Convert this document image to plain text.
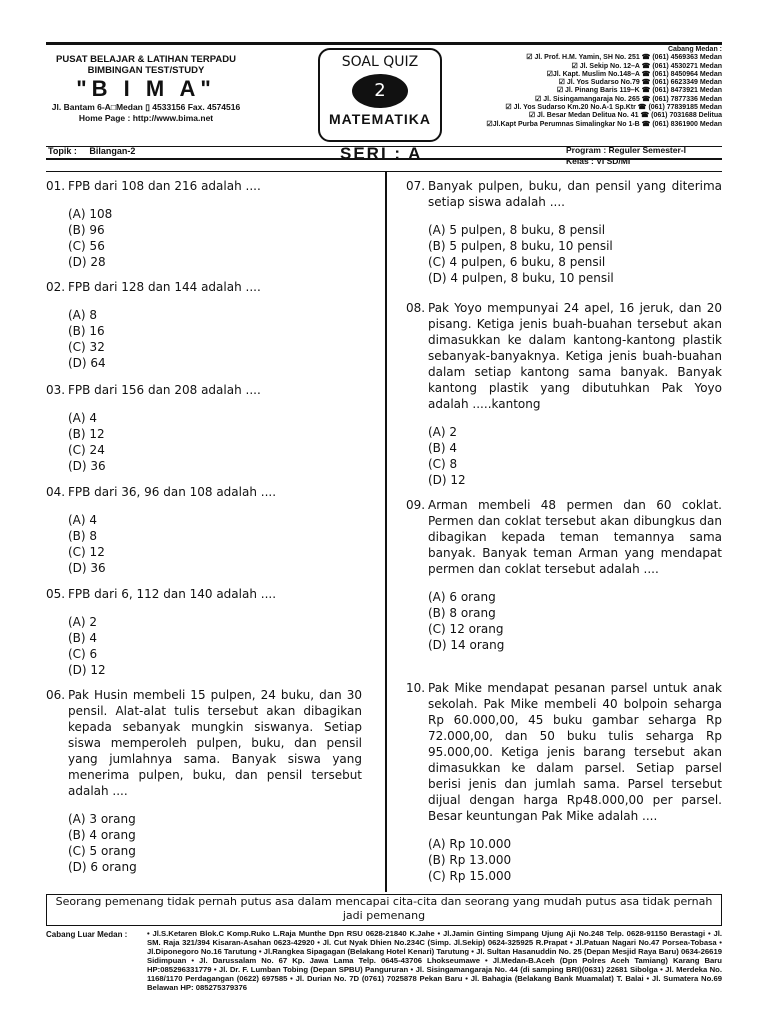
PUSAT BELAJAR & LATIHAN TERPADU
BIMBINGAN TEST/STUDY
"B I M A"
Jl. Bantam 6-A□Medan ▯ 4533156 Fax. 4574516
Home Page : http://www.bima.net
SOAL QUIZ
2
MATEMATIKA
Cabang Medan :
☑ Jl. Prof. H.M. Yamin, SH No. 251 ☎ (061) 4569363 Medan
☑ Jl. Sekip No. 12–A ☎ (061) 4530271 Medan
☑Jl. Kapt. Muslim No.148–A ☎ (061) 8450964 Medan
☑ Jl. Yos Sudarso No.79 ☎ (061) 6623349 Medan
☑ Jl. Pinang Baris 119–K ☎ (061) 8473921 Medan
☑ Jl. Sisingamangaraja No. 265 ☎ (061) 7877336 Medan
☑ Jl. Yos Sudarso Km.20 No.A-1 Sp.Ktr ☎ (061) 77839185 Medan
☑ Jl. Besar Medan Delitua No. 41 ☎ (061) 7031688 Delitua
☑Jl.Kapt Purba Perumnas Simalingkar No 1-B ☎ (061) 8361900 Medan
Topik : Bilangan-2	SERI : A	Program : Reguler Semester-I
Kelas : VI SD/MI
01. FPB dari 108 dan 216 adalah ....
(A) 108
(B) 96
(C) 56
(D) 28
02. FPB dari 128 dan 144 adalah ....
(A) 8
(B) 16
(C) 32
(D) 64
03. FPB dari 156 dan 208 adalah ....
(A) 4
(B) 12
(C) 24
(D) 36
04. FPB dari 36, 96 dan 108 adalah ....
(A) 4
(B) 8
(C) 12
(D) 36
05. FPB dari 6, 112 dan 140 adalah ....
(A) 2
(B) 4
(C) 6
(D) 12
06. Pak Husin membeli 15 pulpen, 24 buku, dan 30 pensil. Alat-alat tulis tersebut akan dibagikan kepada sebanyak mungkin siswanya. Setiap siswa memperoleh pulpen, buku, dan pensil yang jumlahnya sama. Banyak siswa yang menerima pulpen, buku, dan pensil tersebut adalah ....
(A) 3 orang
(B) 4 orang
(C) 5 orang
(D) 6 orang
07. Banyak pulpen, buku, dan pensil yang diterima setiap siswa adalah ....
(A) 5 pulpen, 8 buku, 8 pensil
(B) 5 pulpen, 8 buku, 10 pensil
(C) 4 pulpen, 6 buku, 8 pensil
(D) 4 pulpen, 8 buku, 10 pensil
08. Pak Yoyo mempunyai 24 apel, 16 jeruk, dan 20 pisang. Ketiga jenis buah-buahan tersebut akan dimasukkan ke dalam kantong-kantong plastik sebanyak-banyaknya. Ketiga jenis buah-buahan dalam setiap kantong sama banyak. Banyak kantong plastik yang dibutuhkan Pak Yoyo adalah .....kantong
(A) 2
(B) 4
(C) 8
(D) 12
09. Arman membeli 48 permen dan 60 coklat. Permen dan coklat tersebut akan dibungkus dan dibagikan kepada teman temannya sama banyak. Banyak teman Arman yang mendapat permen dan coklat tersebut adalah ....
(A) 6 orang
(B) 8 orang
(C) 12 orang
(D) 14 orang
10. Pak Mike mendapat pesanan parsel untuk anak sekolah. Pak Mike membeli 40 bolpoin seharga Rp 60.000,00, 45 buku gambar seharga Rp 72.000,00, dan 50 buku tulis seharga Rp 95.000,00. Ketiga jenis barang tersebut akan dimasukkan ke dalam parsel. Setiap parsel berisi jenis dan jumlah sama. Parsel tersebut dijual dengan harga Rp48.000,00 per parsel. Besar keuntungan Pak Mike adalah ....
(A) Rp 10.000
(B) Rp 13.000
(C) Rp 15.000
Seorang pemenang tidak pernah putus asa dalam mencapai cita-cita dan seorang yang mudah putus asa tidak pernah jadi pemenang
Cabang Luar Medan :	• Jl.S.Ketaren Blok.C Komp.Ruko L.Raja Munthe Dpn RSU 0628-21840 K.Jahe • Jl.Jamin Ginting Simpang Ujung Aji No.248 Telp. 0628-91150 Berastagi • Jl. SM. Raja 321/394 Kisaran-Asahan 0623-42920 • Jl. Cut Nyak Dhien No.234C (Simp. Jl.Sekip) 0624-325925 R.Prapat • Jl.Patuan Nagari No.47 Porsea-Tobasa • Jl.Diponegoro No.16 Tarutung • Jl.Rangkea Sipagagan (Belakang Hotel Kenari) Tarutung • Jl. Sultan Hasanuddin No. 25 (Depan Mesjid Raya Baru) 0634-26619 Sidimpuan • Jl. Darussalam No. 67 Kp. Jawa Lama Telp. 0645-43706 Lhokseumawe • Jl.Medan-B.Aceh (Dpn Polres Aceh Tamiang) Karang Baru HP:085296331779 • Jl. Dr. F. Lumban Tobing (Depan SPBU) Pangururan • Jl. Sisingamangaraja No. 44 (di samping BRI)(0631) 22681 Sibolga • Jl. Merdeka No. 1168/1170 Perdagangan (0622) 697585 • Jl. Durian No. 7D (0761) 7025878 Pekan Baru • Jl. Bahagia (Belakang Bank Muamalat) T. Balai • Jl. Sumatera No.69 Belawan HP: 085275379376
